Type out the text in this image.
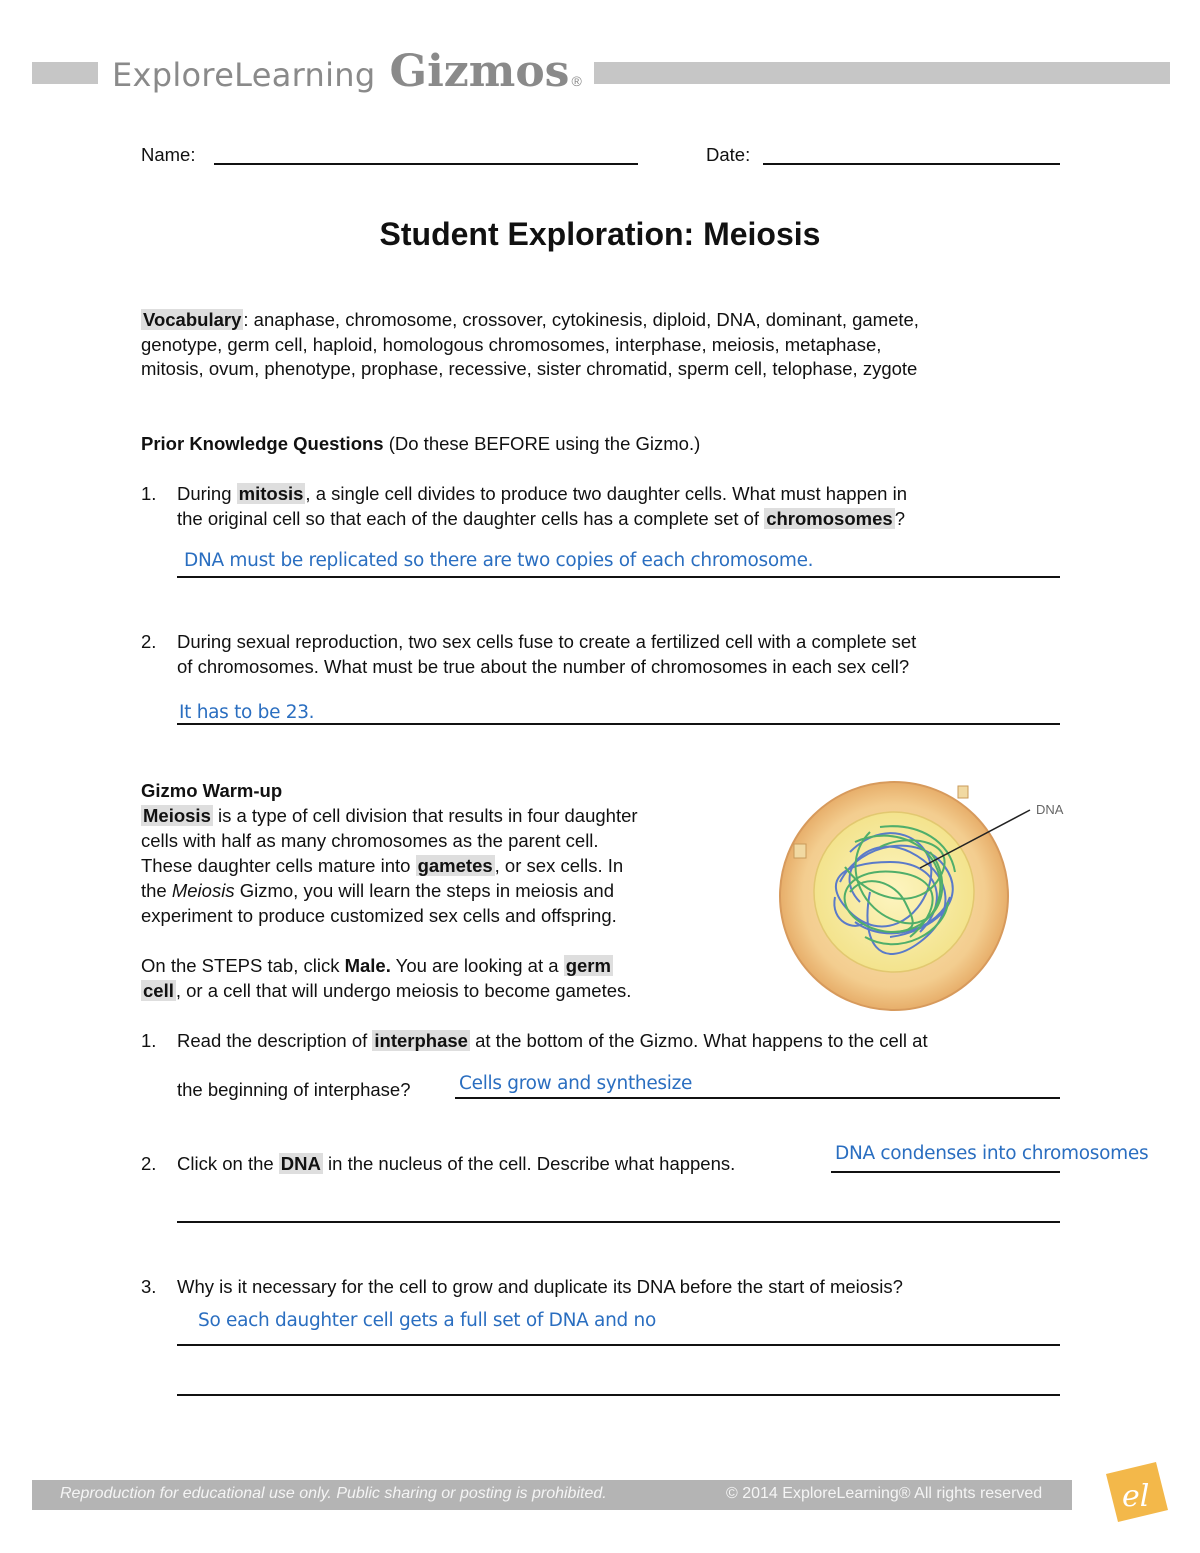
ExploreLearning Gizmos ®
Name:	Date:
Student Exploration: Meiosis
Vocabulary : anaphase, chromosome, crossover, cytokinesis, diploid, DNA, dominant, gamete,
genotype, germ cell, haploid, homologous chromosomes, interphase, meiosis, metaphase,
mitosis, ovum, phenotype, prophase, recessive, sister chromatid, sperm cell, telophase, zygote
Prior Knowledge Questions (Do these BEFORE using the Gizmo.)
1. During mitosis , a single cell divides to produce two daughter cells. What must happen in
the original cell so that each of the daughter cells has a complete set of chromosomes ?
DNA must be replicated so there are two copies of each chromosome.
2. During sexual reproduction, two sex cells fuse to create a fertilized cell with a complete set
of chromosomes. What must be true about the number of chromosomes in each sex cell?
It has to be 23.
Gizmo Warm-up
Meiosis is a type of cell division that results in four daughter
cells with half as many chromosomes as the parent cell.
These daughter cells mature into gametes , or sex cells. In
the Meiosis Gizmo, you will learn the steps in meiosis and
experiment to produce customized sex cells and offspring.
On the STEPS tab, click Male. You are looking at a germ
cell , or a cell that will undergo meiosis to become gametes.
DNA
1. Read the description of interphase at the bottom of the Gizmo. What happens to the cell at
the beginning of interphase?	Cells grow and synthesize
2. Click on the DNA in the nucleus of the cell. Describe what happens.	DNA condenses into chromosomes
3. Why is it necessary for the cell to grow and duplicate its DNA before the start of meiosis?
So each daughter cell gets a full set of DNA and no
Reproduction for educational use only. Public sharing or posting is prohibited.	© 2014 ExploreLearning® All rights reserved	el
